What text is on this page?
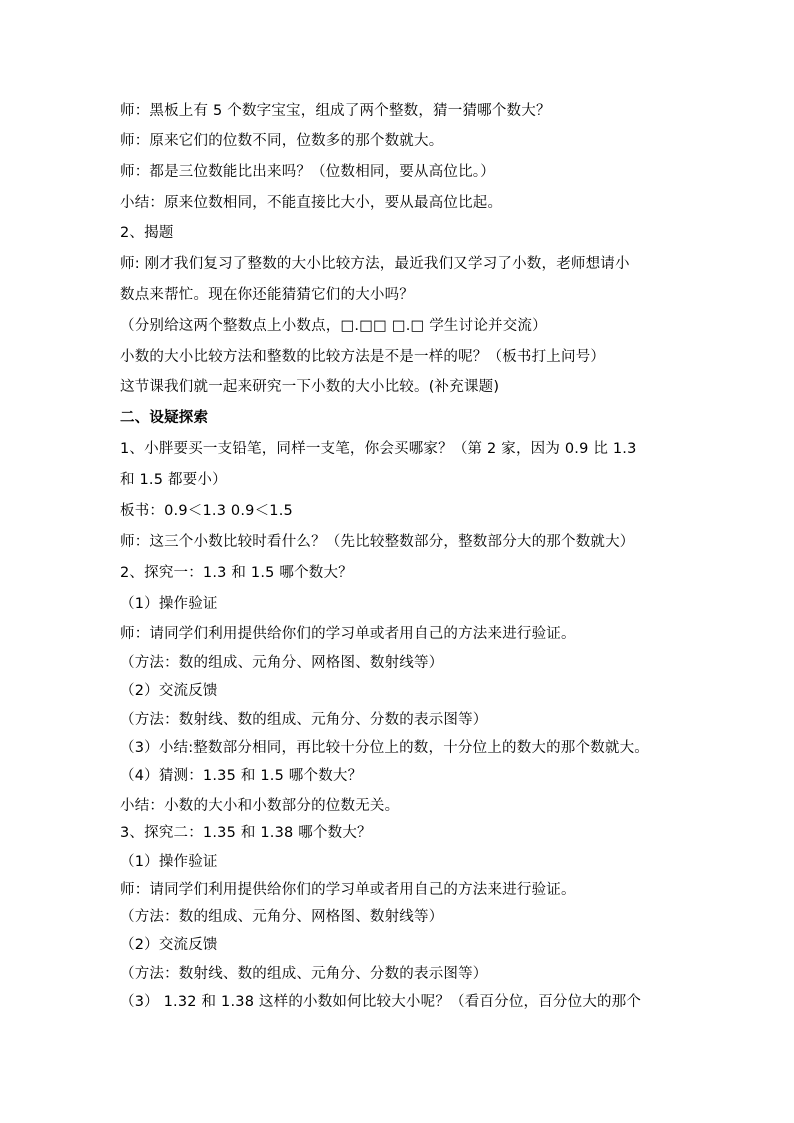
师：黑板上有 5 个数字宝宝，组成了两个整数，猜一猜哪个数大？
师：原来它们的位数不同，位数多的那个数就大。
师：都是三位数能比出来吗？（位数相同，要从高位比。）
小结：原来位数相同，不能直接比大小，要从最高位比起。
2、揭题
师: 刚才我们复习了整数的大小比较方法，最近我们又学习了小数，老师想请小
数点来帮忙。现在你还能猜猜它们的大小吗？
（分别给这两个整数点上小数点，□.□□ □.□ 学生讨论并交流）
小数的大小比较方法和整数的比较方法是不是一样的呢？（板书打上问号）
这节课我们就一起来研究一下小数的大小比较。(补充课题)
二、设疑探索
1、小胖要买一支铅笔，同样一支笔，你会买哪家？（第 2 家，因为 0.9 比 1.3
和 1.5 都要小）
板书：0.9＜1.3 0.9＜1.5
师：这三个小数比较时看什么？（先比较整数部分，整数部分大的那个数就大）
2、探究一：1.3 和 1.5 哪个数大？
（1）操作验证
师：请同学们利用提供给你们的学习单或者用自己的方法来进行验证。
（方法：数的组成、元角分、网格图、数射线等）
（2）交流反馈
（方法：数射线、数的组成、元角分、分数的表示图等）
（3）小结:整数部分相同，再比较十分位上的数，十分位上的数大的那个数就大。
（4）猜测：1.35 和 1.5 哪个数大？
小结：小数的大小和小数部分的位数无关。
3、探究二：1.35 和 1.38 哪个数大？
（1）操作验证
师：请同学们利用提供给你们的学习单或者用自己的方法来进行验证。
（方法：数的组成、元角分、网格图、数射线等）
（2）交流反馈
（方法：数射线、数的组成、元角分、分数的表示图等）
（3） 1.32 和 1.38 这样的小数如何比较大小呢？（看百分位，百分位大的那个
